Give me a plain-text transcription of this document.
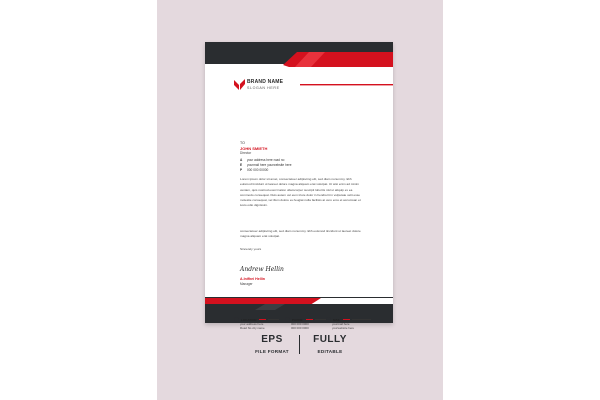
BRAND NAME
SLOGAN HERE
TO
JOHN SMIETH
Director
A your address here road no
E yourmail here yourwebsite here
P 000 000 00000
Lorem ipsum dolor sit amet, consectetuer adipiscing elit, sed diam nonummy nibh euismod tincidunt ut laoreet dolore magna aliquam erat volutpat. Ut wisi enim ad minim veniam, quis nostrud exerci tation ullamcorper suscipit lobortis nisl ut aliquip ex ea commodo consequat. Duis autem vel eum iriure dolor in hendrerit in vulputate velit esse molestie consequat, vel illum dolore eu feugiat nulla facilisis at vero eros et accumsan et iusto odio dignissim.
consectetuer adipiscing elit, sed diam nonummy nibh euismod tincidunt ut laoreet dolore magna aliquam erat volutpat.
Sincerely yours
Andrew Hellin
A.Inifhei Hellin
Manager
LOCATION
your address here
Road No city name
PHONE
000 000 0000
000 000 0000
MAIL
yourmail here
yourwebsite here
EPS
FILE FORMAT
FULLY
EDITABLE
